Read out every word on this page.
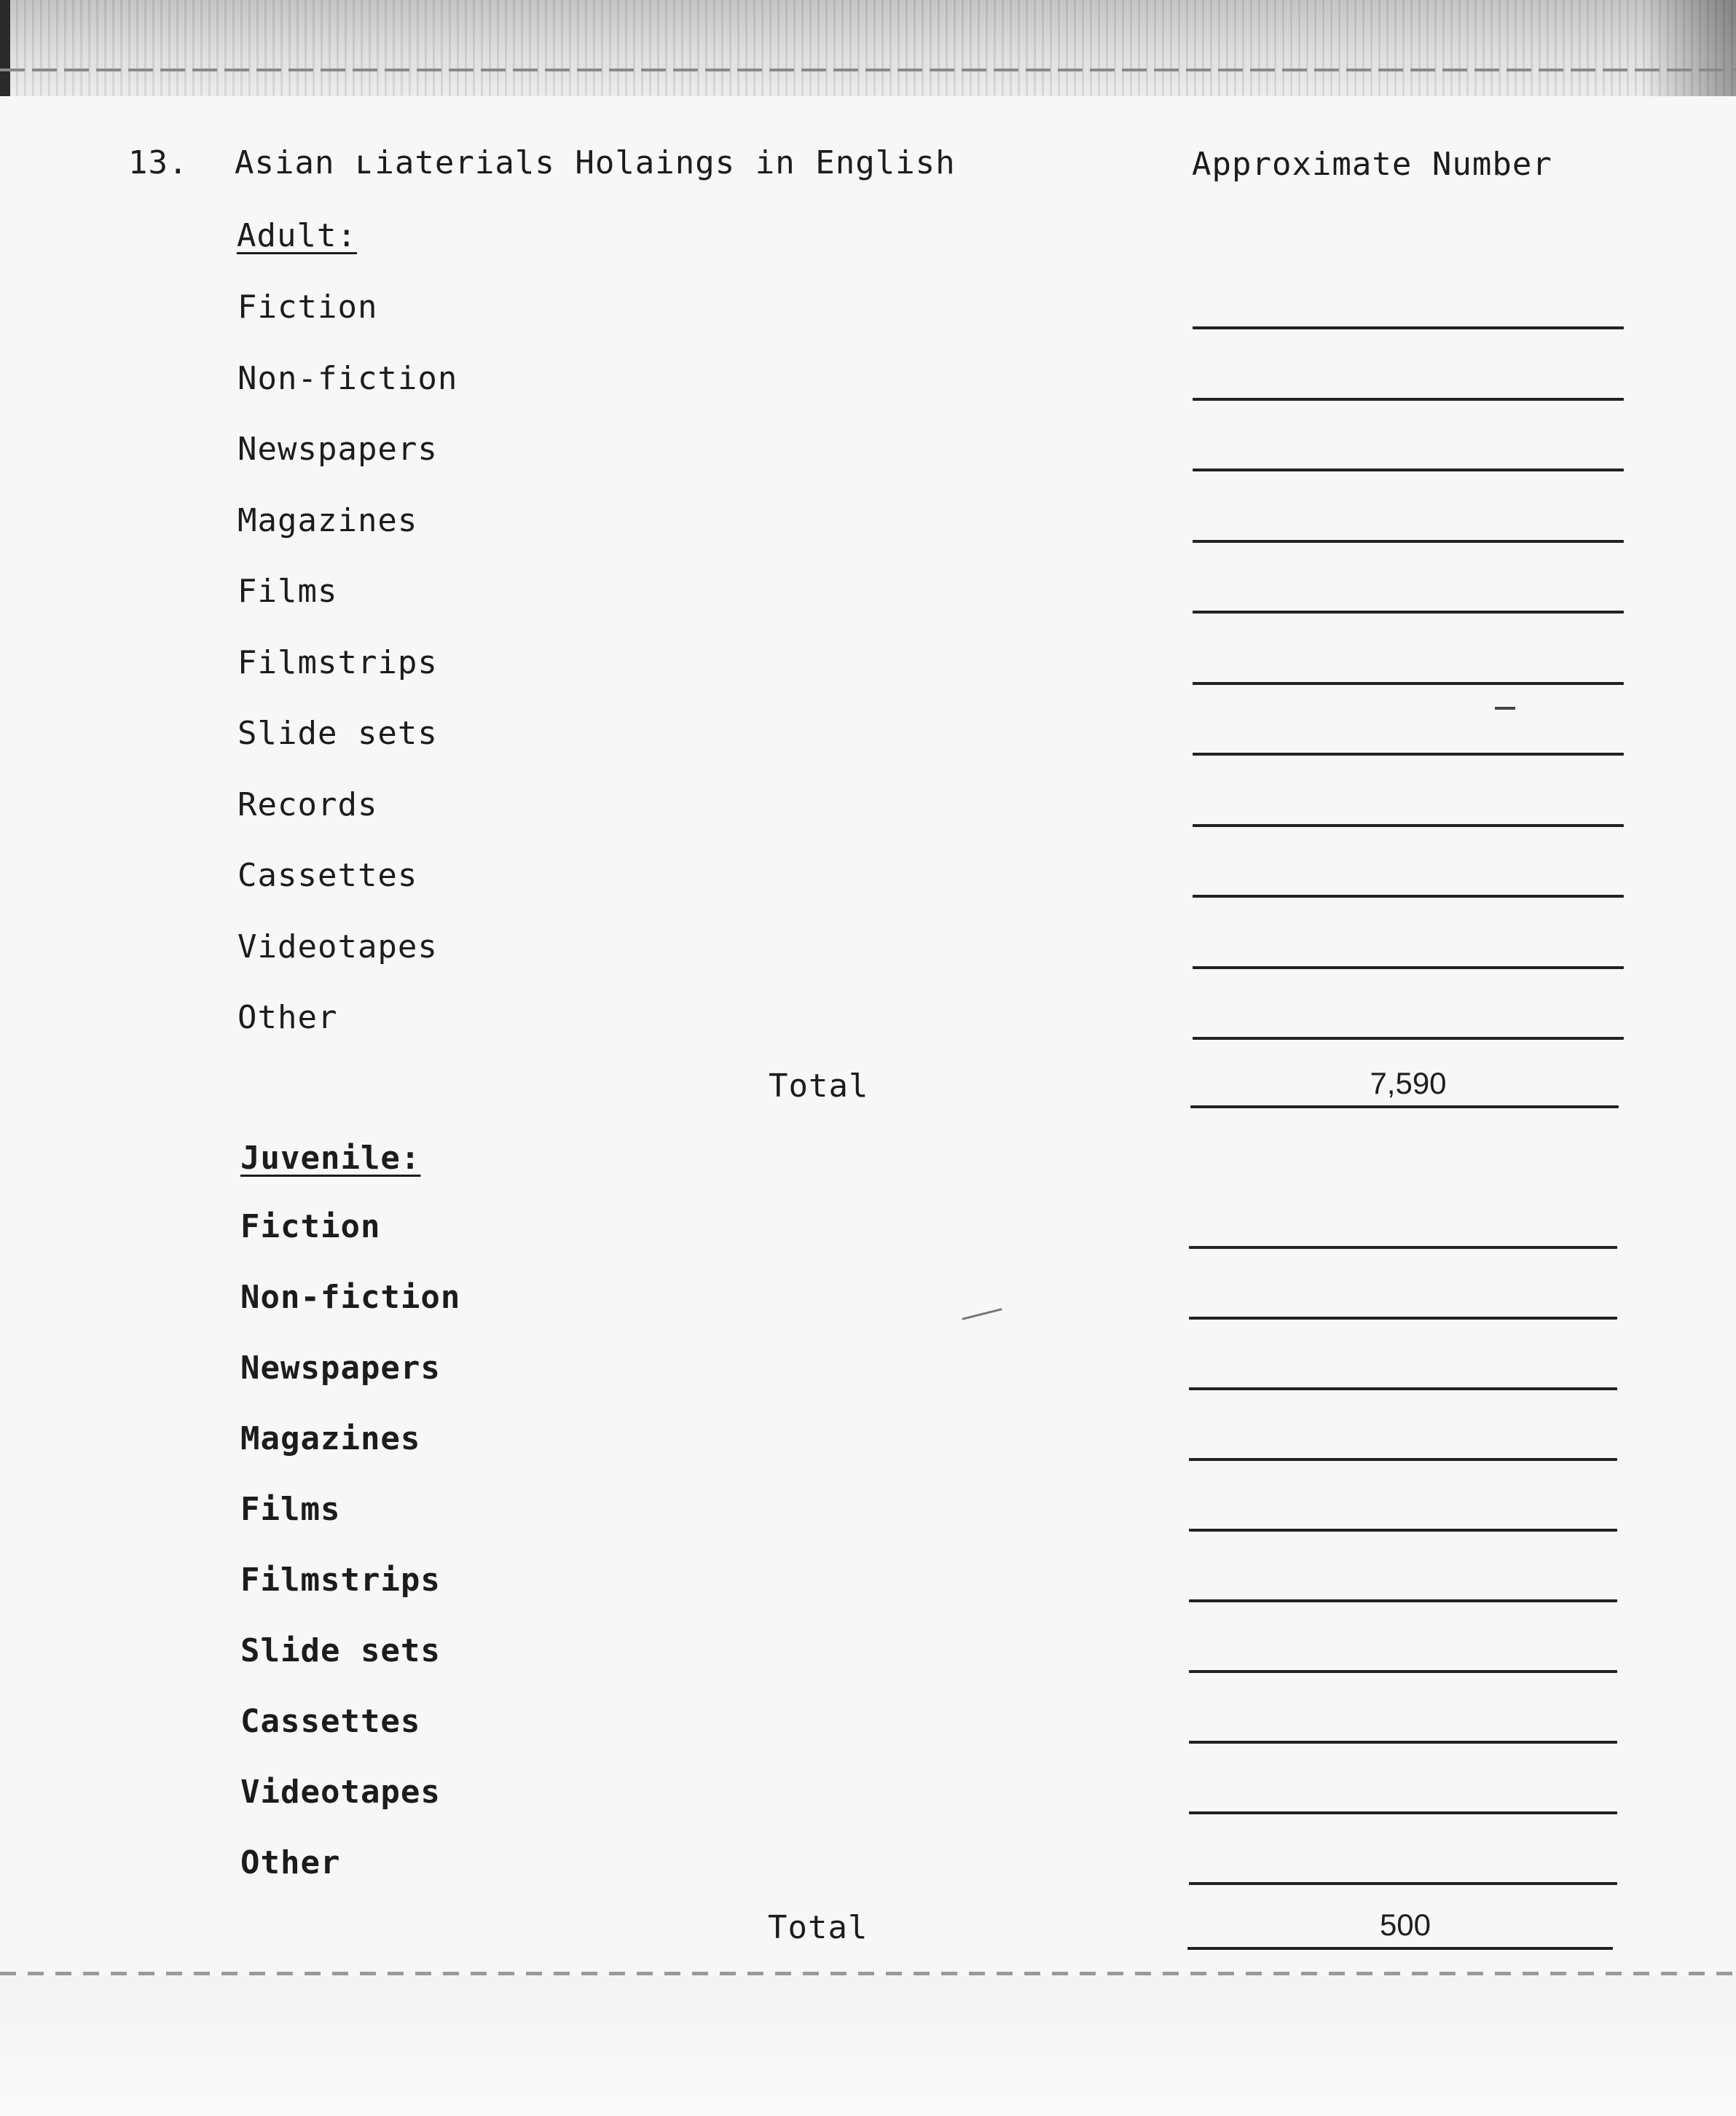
13. Asian ʟiaterials Holaings in English	Approximate Number
Adult:
Fiction
Non-fiction
Newspapers
Magazines
Films
Filmstrips
Slide sets
Records
Cassettes
Videotapes
Other
Total	7,590
Juvenile:
Fiction
Non-fiction
Newspapers
Magazines
Films
Filmstrips
Slide sets
Cassettes
Videotapes
Other
Total	500
